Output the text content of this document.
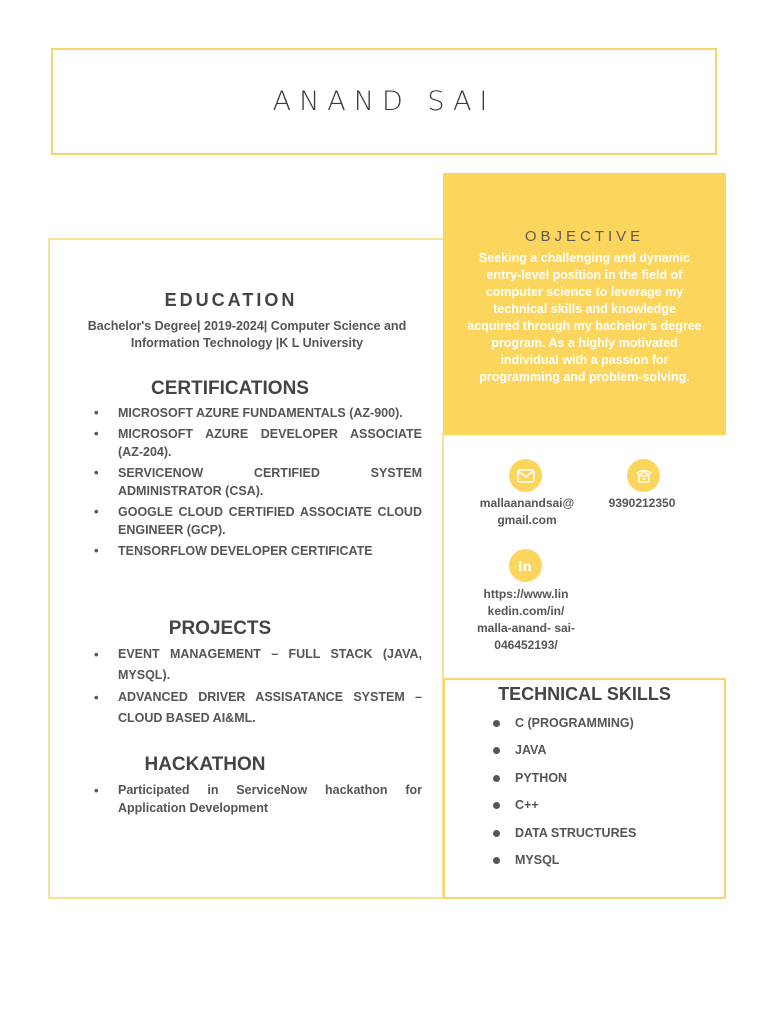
ANAND SAI
OBJECTIVE
Seeking a challenging and dynamic entry-level position in the field of computer science to leverage my technical skills and knowledge acquired through my bachelor's degree program. As a highly motivated individual with a passion for programming and problem-solving.
EDUCATION
Bachelor's Degree| 2019-2024| Computer Science and Information Technology |K L University
CERTIFICATIONS
• MICROSOFT AZURE FUNDAMENTALS (AZ-900).
• MICROSOFT AZURE DEVELOPER ASSOCIATE (AZ-204).
• SERVICENOW CERTIFIED SYSTEM ADMINISTRATOR (CSA).
• GOOGLE CLOUD CERTIFIED ASSOCIATE CLOUD ENGINEER (GCP).
• TENSORFLOW DEVELOPER CERTIFICATE
PROJECTS
• EVENT MANAGEMENT – FULL STACK (JAVA, MYSQL).
• ADVANCED DRIVER ASSISATANCE SYSTEM – CLOUD BASED AI&ML.
HACKATHON
• Participated in ServiceNow hackathon for Application Development
mallaanandsai@ gmail.com
9390212350
in
https://www.lin kedin.com/in/ malla-anand- sai-046452193/
TECHNICAL SKILLS
C (PROGRAMMING)
JAVA
PYTHON
C++
DATA STRUCTURES
MYSQL
